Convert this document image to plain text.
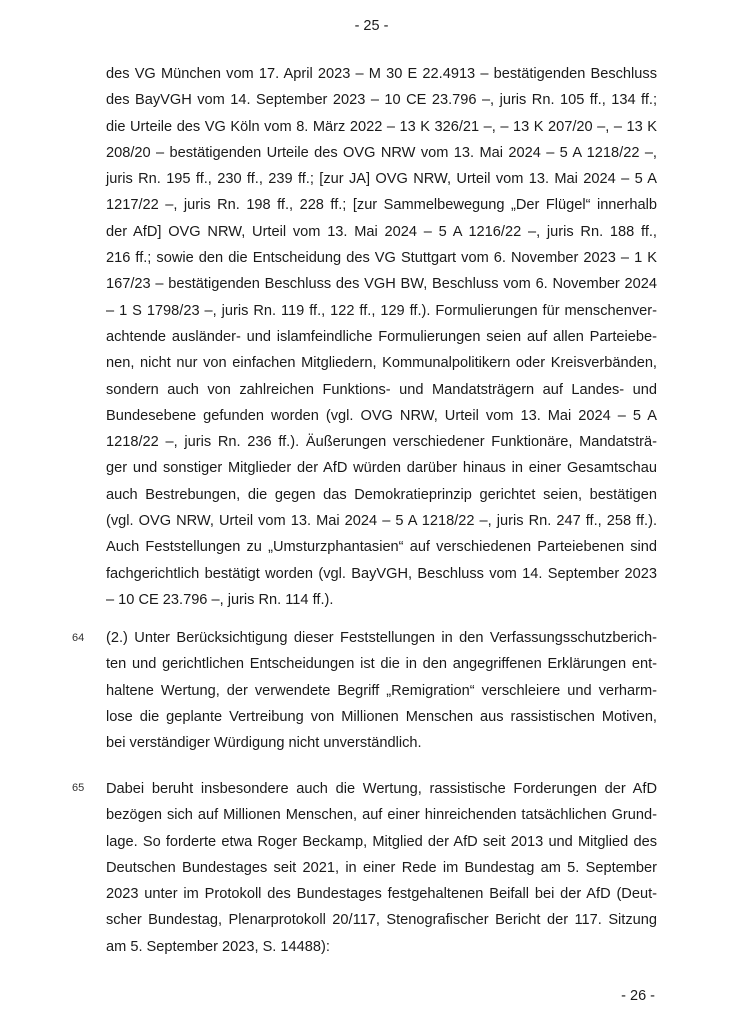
- 25 -
des VG München vom 17. April 2023 – M 30 E 22.4913 – bestätigenden Beschluss
des BayVGH vom 14. September 2023 – 10 CE 23.796 –, juris Rn. 105 ff., 134 ff.;
die Urteile des VG Köln vom 8. März 2022 – 13 K 326/21 –, – 13 K 207/20 –, – 13 K
208/20 – bestätigenden Urteile des OVG NRW vom 13. Mai 2024 – 5 A 1218/22 –,
juris Rn. 195 ff., 230 ff., 239 ff.; [zur JA] OVG NRW, Urteil vom 13. Mai 2024 – 5 A
1217/22 –, juris Rn. 198 ff., 228 ff.; [zur Sammelbewegung „Der Flügel“ innerhalb
der AfD] OVG NRW, Urteil vom 13. Mai 2024 – 5 A 1216/22 –, juris Rn. 188 ff.,
216 ff.; sowie den die Entscheidung des VG Stuttgart vom 6. November 2023 – 1 K
167/23 – bestätigenden Beschluss des VGH BW, Beschluss vom 6. November 2024
– 1 S 1798/23 –, juris Rn. 119 ff., 122 ff., 129 ff.). Formulierungen für menschenver-
achtende ausländer- und islamfeindliche Formulierungen seien auf allen Parteiebe-
nen, nicht nur von einfachen Mitgliedern, Kommunalpolitikern oder Kreisverbänden,
sondern auch von zahlreichen Funktions- und Mandatsträgern auf Landes- und
Bundesebene gefunden worden (vgl. OVG NRW, Urteil vom 13. Mai 2024 – 5 A
1218/22 –, juris Rn. 236 ff.). Äußerungen verschiedener Funktionäre, Mandatsträ-
ger und sonstiger Mitglieder der AfD würden darüber hinaus in einer Gesamtschau
auch Bestrebungen, die gegen das Demokratieprinzip gerichtet seien, bestätigen
(vgl. OVG NRW, Urteil vom 13. Mai 2024 – 5 A 1218/22 –, juris Rn. 247 ff., 258 ff.).
Auch Feststellungen zu „Umsturzphantasien“ auf verschiedenen Parteiebenen sind
fachgerichtlich bestätigt worden (vgl. BayVGH, Beschluss vom 14. September 2023
– 10 CE 23.796 –, juris Rn. 114 ff.).
64 (2.) Unter Berücksichtigung dieser Feststellungen in den Verfassungsschutzberich-
ten und gerichtlichen Entscheidungen ist die in den angegriffenen Erklärungen ent-
haltene Wertung, der verwendete Begriff „Remigration“ verschleiere und verharm-
lose die geplante Vertreibung von Millionen Menschen aus rassistischen Motiven,
bei verständiger Würdigung nicht unverständlich.
65 Dabei beruht insbesondere auch die Wertung, rassistische Forderungen der AfD
bezögen sich auf Millionen Menschen, auf einer hinreichenden tatsächlichen Grund-
lage. So forderte etwa Roger Beckamp, Mitglied der AfD seit 2013 und Mitglied des
Deutschen Bundestages seit 2021, in einer Rede im Bundestag am 5. September
2023 unter im Protokoll des Bundestages festgehaltenen Beifall bei der AfD (Deut-
scher Bundestag, Plenarprotokoll 20/117, Stenografischer Bericht der 117. Sitzung
am 5. September 2023, S. 14488):
- 26 -
